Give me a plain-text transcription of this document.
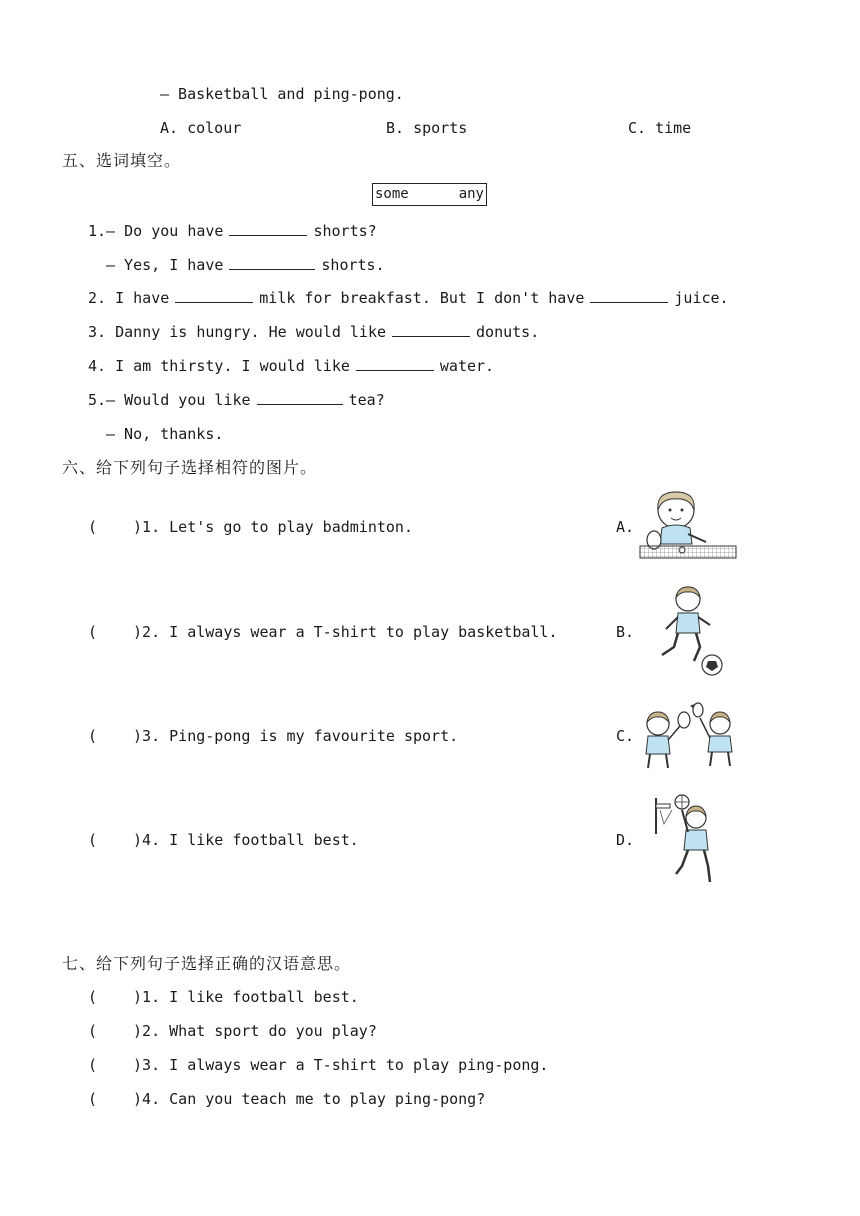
— Basketball and ping-pong.
A. colour	B. sports	C. time
五、选词填空。
some	any
1.— Do you have	shorts?
— Yes, I have	shorts.
2. I have	milk for breakfast. But I don't have	juice.
3. Danny is hungry. He would like	donuts.
4. I am thirsty. I would like	water.
5.— Would you like	tea?
— No, thanks.
六、给下列句子选择相符的图片。
( )1. Let's go to play badminton.	A.
( )2. I always wear a T-shirt to play basketball.	B.
( )3. Ping-pong is my favourite sport.	C.
( )4. I like football best.	D.
七、给下列句子选择正确的汉语意思。
( )1. I like football best.
( )2. What sport do you play?
( )3. I always wear a T-shirt to play ping-pong.
( )4. Can you teach me to play ping-pong?
